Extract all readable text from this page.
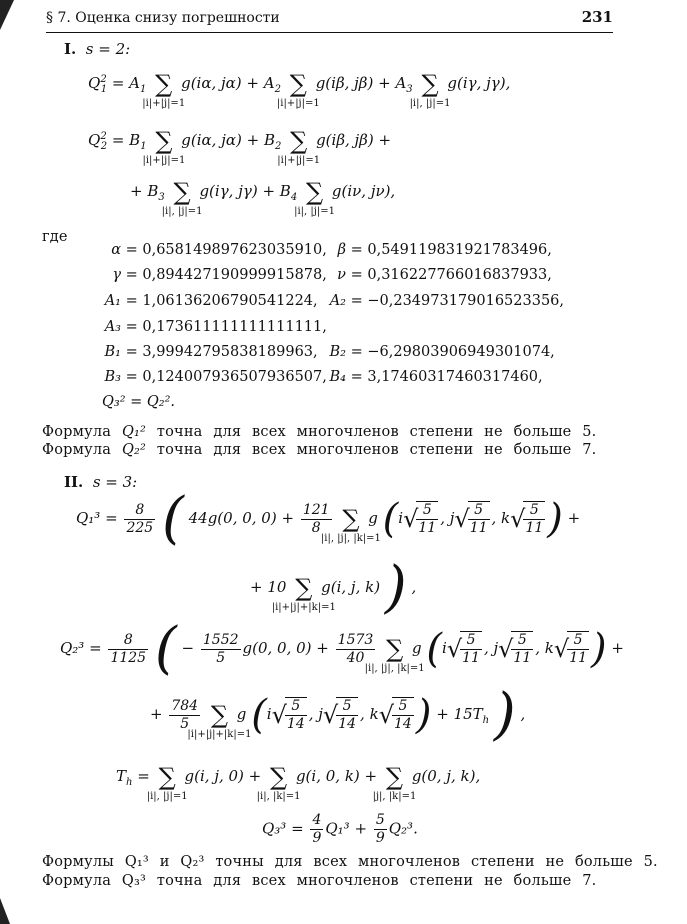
§ 7. Оценка снизу погрешности	231
I. s = 2:
$Q^2_1 = A_1$ ∑
|i|+|j|=1
g(iα, $j\alpha) + A_2$ ∑
|i|+|j|=1
g(iβ, $j\beta) + A_3$ ∑
|i|, |j|=1
g(iγ, jγ),
$Q^2_2 = B_1$ ∑
|i|+|j|=1
g(iα, $j\alpha) + B_2$ ∑
|i|+|j|=1
g(iβ, jβ) +
+ $B_3$ ∑
|i|, |j|=1
g(iγ, $j\gamma) + B_4$ ∑
|i|, |j|=1
g(iν, jν),
где
α = 0,658149897623035910, β = 0,549119831921783496,
γ = 0,894427190999915878, ν = 0,316227766016837933,
A₁ = 1,06136206790541224, A₂ = −0,234973179016523356,
A₃ = 0,173611111111111111,
B₁ = 3,99942795838189963, B₂ = −6,29803906949301074,
B₃ = 0,124007936507936507, B₄ = 3,17460317460317460,
Q₃² = Q₂².
Формула Q₁² точна для всех многочленов степени не больше 5.
Формула Q₂² точна для всех многочленов степени не больше 7.
II. s = 3:
$Q_1^3 = \frac{8}{225}$ ( 44g(0, 0, $0) + \frac{121}{8}$ ∑
|i|, |j|, |k|=1
g (i√
$\frac{5}{11}$ , j√
$\frac{5}{11}$ , k√
$\frac{5}{11}$ ) +
+ 10 ∑
|i|+|j|+|k|=1
g(i, j, k) ) ,
$Q_2^3 = \frac{8}{1125}$ ( − $\frac{1552}{5} g(0$, 0, $0) + \frac{1573}{40}$ ∑
|i|, |j|, |k|=1
g (i√
$\frac{5}{11}$ , j√
$\frac{5}{11}$ , k√
$\frac{5}{11}$ ) +
+ $\frac{784}{5}$ ∑
|i|+|j|+|k|=1
g (i√
$\frac{5}{14}$ , j√
$\frac{5}{14}$ , k√
$\frac{5}{14}$ ) + $15T_h$ ) ,
$T_h$ = ∑
|i|, |j|=1
g(i, j, 0) + ∑
|i|, |k|=1
g(i, 0, k) + ∑
|j|, |k|=1
g(0, j, k),
$Q_3^3 = \frac{4}{9} Q_1^3 + \frac{5}{9} Q_2^3$.
Формулы Q₁³ и Q₂³ точны для всех многочленов степени не больше 5.
Формула Q₃³ точна для всех многочленов степени не больше 7.
